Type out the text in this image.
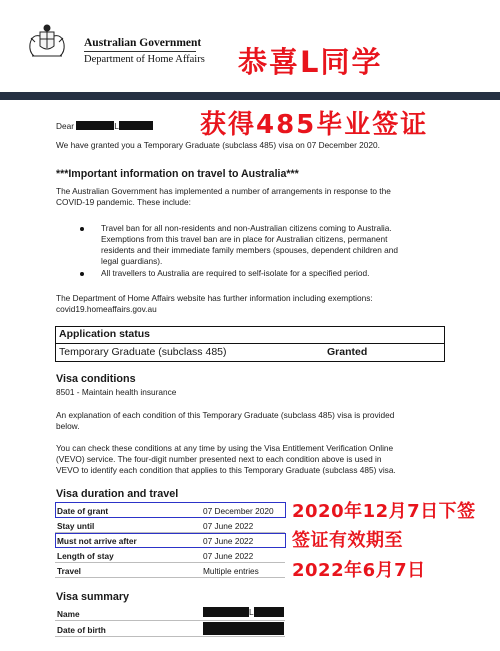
Australian Government
Department of Home Affairs 恭喜L同学
获得485毕业签证
Dear	L
We have granted you a Temporary Graduate (subclass 485) visa on 07 December 2020.
***Important information on travel to Australia***
The Australian Government has implemented a number of arrangements in response to the
COVID-19 pandemic. These include:
Travel ban for all non-residents and non-Australian citizens coming to Australia.
Exemptions from this travel ban are in place for Australian citizens, permanent
residents and their immediate family members (spouses, dependent children and
legal guardians).
All travellers to Australia are required to self-isolate for a specified period.
The Department of Home Affairs website has further information including exemptions:
covid19.homeaffairs.gov.au
Application status
Temporary Graduate (subclass 485)	Granted
Visa conditions
8501 - Maintain health insurance
An explanation of each condition of this Temporary Graduate (subclass 485) visa is provided
below.
You can check these conditions at any time by using the Visa Entitlement Verification Online
(VEVO) service. The four-digit number presented next to each condition above is used in
VEVO to identify each condition that applies to this Temporary Graduate (subclass 485) visa.
Visa duration and travel
Date of grant	07 December 2020
Stay until	07 June 2022
Must not arrive after	07 June 2022
Length of stay	07 June 2022
Travel	Multiple entries
2020年12月7日下签
签证有效期至
2022年6月7日
Visa summary
Name	L
Date of birth
